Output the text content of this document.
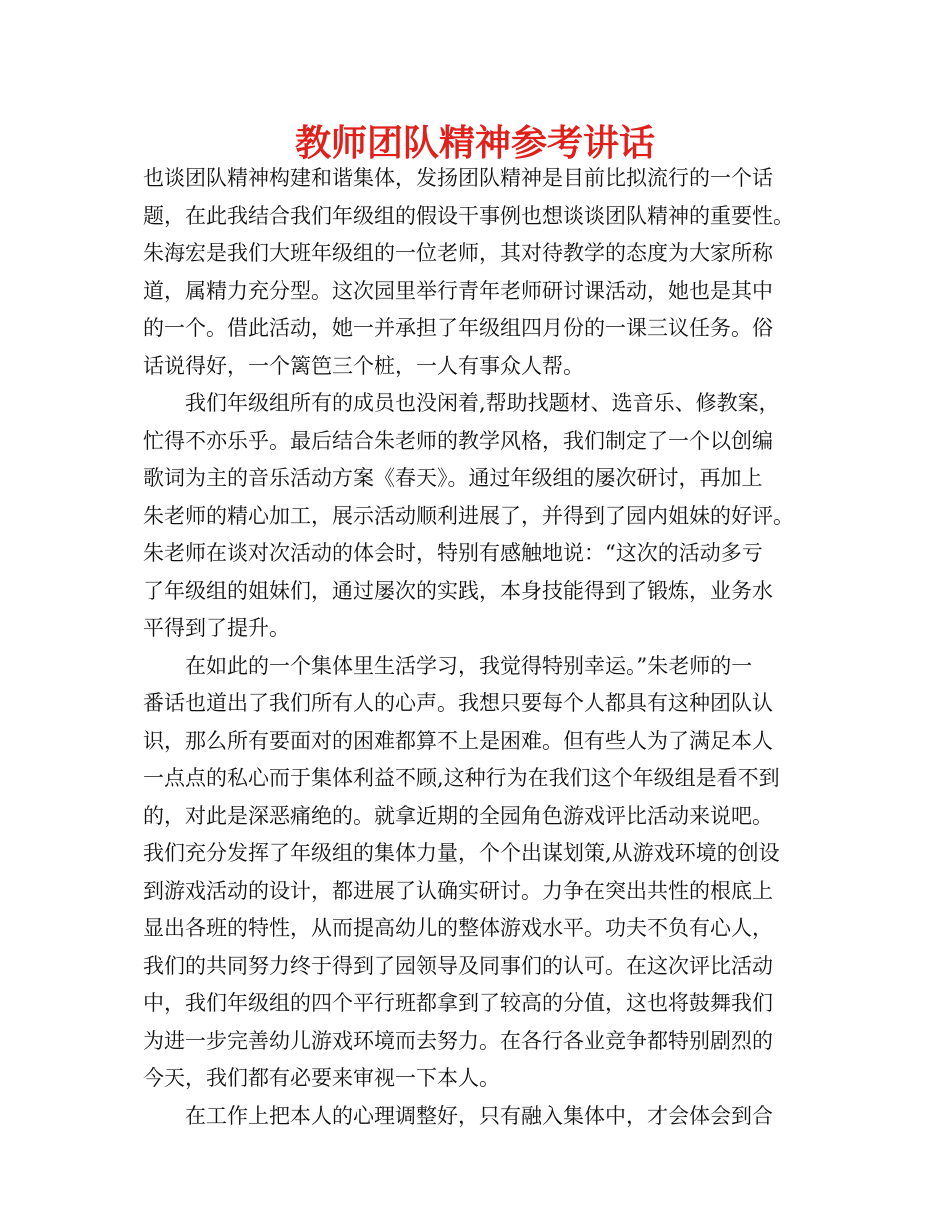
教师团队精神参考讲话
也谈团队精神构建和谐集体，发扬团队精神是目前比拟流行的一个话
题，在此我结合我们年级组的假设干事例也想谈谈团队精神的重要性。
朱海宏是我们大班年级组的一位老师，其对待教学的态度为大家所称
道，属精力充分型。这次园里举行青年老师研讨课活动，她也是其中
的一个。借此活动，她一并承担了年级组四月份的一课三议任务。俗
话说得好，一个篱笆三个桩，一人有事众人帮。
我们年级组所有的成员也没闲着,帮助找题材、选音乐、修教案，
忙得不亦乐乎。最后结合朱老师的教学风格，我们制定了一个以创编
歌词为主的音乐活动方案《春天》。通过年级组的屡次研讨，再加上
朱老师的精心加工，展示活动顺利进展了，并得到了园内姐妹的好评。
朱老师在谈对次活动的体会时，特别有感触地说：“这次的活动多亏
了年级组的姐妹们，通过屡次的实践，本身技能得到了锻炼，业务水
平得到了提升。
在如此的一个集体里生活学习，我觉得特别幸运。”朱老师的一
番话也道出了我们所有人的心声。我想只要每个人都具有这种团队认
识，那么所有要面对的困难都算不上是困难。但有些人为了满足本人
一点点的私心而于集体利益不顾,这种行为在我们这个年级组是看不到
的，对此是深恶痛绝的。就拿近期的全园角色游戏评比活动来说吧。
我们充分发挥了年级组的集体力量，个个出谋划策,从游戏环境的创设
到游戏活动的设计，都进展了认确实研讨。力争在突出共性的根底上
显出各班的特性，从而提高幼儿的整体游戏水平。功夫不负有心人，
我们的共同努力终于得到了园领导及同事们的认可。在这次评比活动
中，我们年级组的四个平行班都拿到了较高的分值，这也将鼓舞我们
为进一步完善幼儿游戏环境而去努力。在各行各业竞争都特别剧烈的
今天，我们都有必要来审视一下本人。
在工作上把本人的心理调整好，只有融入集体中，才会体会到合
